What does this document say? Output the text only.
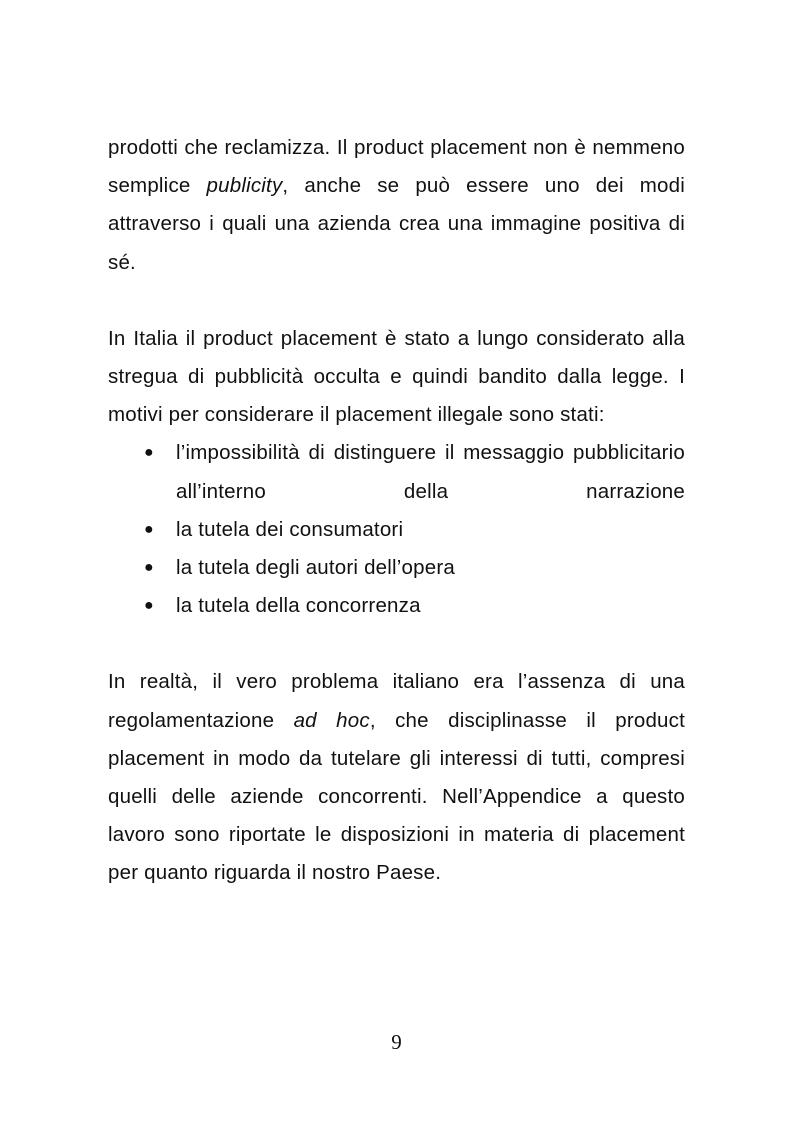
prodotti che reclamizza. Il product placement non è nemmeno semplice publicity, anche se può essere uno dei modi attraverso i quali una azienda crea una immagine positiva di sé.

In Italia il product placement è stato a lungo considerato alla stregua di pubblicità occulta e quindi bandito dalla legge. I motivi per considerare il placement illegale sono stati:

● l’impossibilità di distinguere il messaggio pubblicitario all’interno della narrazione
● la tutela dei consumatori
● la tutela degli autori dell’opera
● la tutela della concorrenza

In realtà, il vero problema italiano era l’assenza di una regolamentazione ad hoc, che disciplinasse il product placement in modo da tutelare gli interessi di tutti, compresi quelli delle aziende concorrenti. Nell’Appendice a questo lavoro sono riportate le disposizioni in materia di placement per quanto riguarda il nostro Paese.

9
